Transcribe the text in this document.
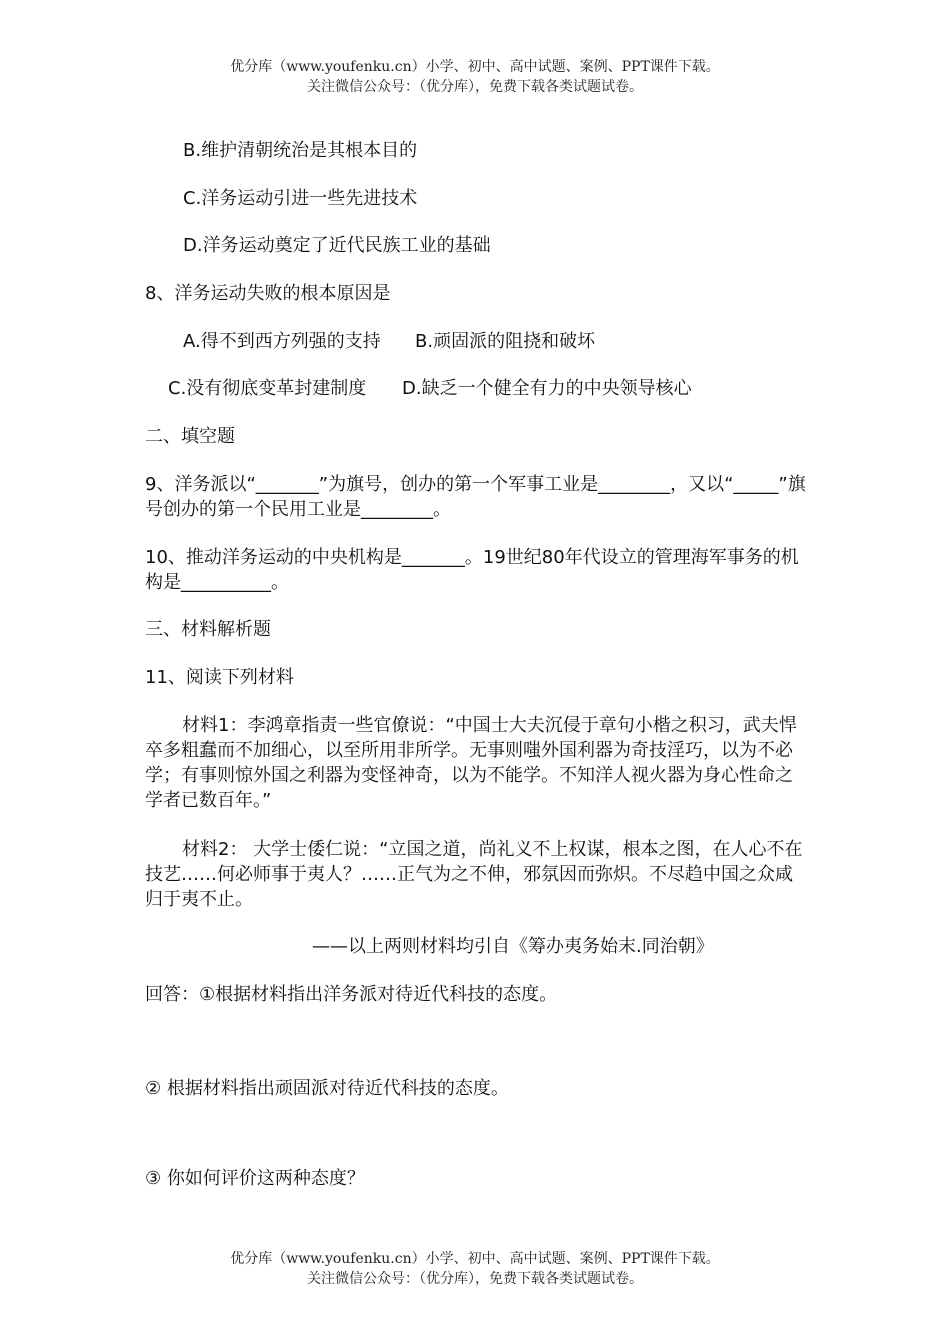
优分库（www.youfenku.cn）小学、初中、高中试题、案例、PPT课件下载。
关注微信公众号：（优分库），免费下载各类试题试卷。
B.维护清朝统治是其根本目的
C.洋务运动引进一些先进技术
D.洋务运动奠定了近代民族工业的基础
8、洋务运动失败的根本原因是
A.得不到西方列强的支持 B.顽固派的阻挠和破坏
C.没有彻底变革封建制度 D.缺乏一个健全有力的中央领导核心
二、填空题
9、洋务派以“_______”为旗号，创办的第一个军事工业是________，又以“_____”旗号创办的第一个民用工业是________。
10、推动洋务运动的中央机构是_______。19世纪80年代设立的管理海军事务的机构是__________。
三、材料解析题
11、阅读下列材料
材料1：李鸿章指责一些官僚说：“中国士大夫沉侵于章句小楷之积习，武夫悍卒多粗蠢而不加细心，以至所用非所学。无事则嗤外国利器为奇技淫巧，以为不必学；有事则惊外国之利器为变怪神奇，以为不能学。不知洋人视火器为身心性命之学者已数百年。”
材料2： 大学士倭仁说：“立国之道，尚礼义不上权谋，根本之图，在人心不在技艺……何必师事于夷人？……正气为之不伸，邪氛因而弥炽。不尽趋中国之众咸归于夷不止。
——以上两则材料均引自《筹办夷务始末.同治朝》
回答：①根据材料指出洋务派对待近代科技的态度。
② 根据材料指出顽固派对待近代科技的态度。
③ 你如何评价这两种态度？
优分库（www.youfenku.cn）小学、初中、高中试题、案例、PPT课件下载。
关注微信公众号：（优分库），免费下载各类试题试卷。
